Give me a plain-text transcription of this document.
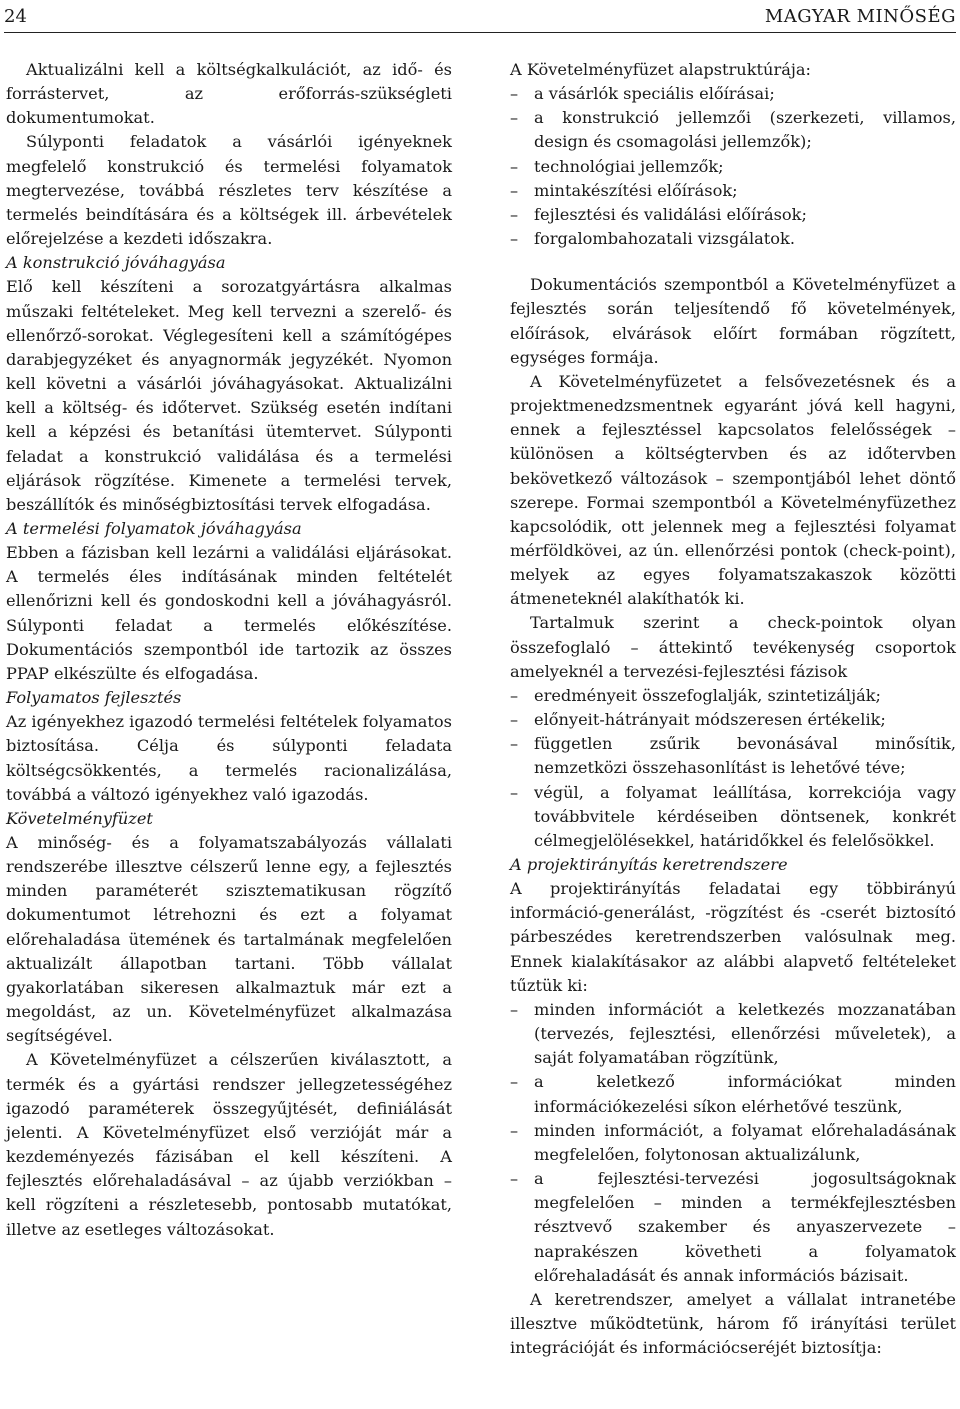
24	MAGYAR MINŐSÉG

Aktualizálni kell a költségkalkulációt, az idő- és forrástervet, az erőforrás-szükségleti dokumentumokat.

Súlyponti feladatok a vásárlói igényeknek megfelelő konstrukció és termelési folyamatok megtervezése, továbbá részletes terv készítése a termelés beindítására és a költségek ill. árbevételek előrejelzése a kezdeti időszakra.

A konstrukció jóváhagyása

Elő kell készíteni a sorozatgyártásra alkalmas műszaki feltételeket. Meg kell tervezni a szerelő- és ellenőrző-sorokat. Véglegesíteni kell a számítógépes darabjegyzéket és anyagnormák jegyzékét. Nyomon kell követni a vásárlói jóváhagyásokat. Aktualizálni kell a költség- és időtervet. Szükség esetén indítani kell a képzési és betanítási ütemtervet. Súlyponti feladat a konstrukció validálása és a termelési eljárások rögzítése. Kimenete a termelési tervek, beszállítók és minőségbiztosítási tervek elfogadása.

A termelési folyamatok jóváhagyása

Ebben a fázisban kell lezárni a validálási eljárásokat. A termelés éles indításának minden feltételét ellenőrizni kell és gondoskodni kell a jóváhagyásról. Súlyponti feladat a termelés előkészítése. Dokumentációs szempontból ide tartozik az összes PPAP elkészülte és elfogadása.

Folyamatos fejlesztés

Az igényekhez igazodó termelési feltételek folyamatos biztosítása. Célja és súlyponti feladata költségcsökkentés, a termelés racionalizálása, továbbá a változó igényekhez való igazodás.

Követelményfüzet

A minőség- és a folyamatszabályozás vállalati rendszerébe illesztve célszerű lenne egy, a fejlesztés minden paraméterét szisztematikusan rögzítő dokumentumot létrehozni és ezt a folyamat előrehaladása ütemének és tartalmának megfelelően aktualizált állapotban tartani. Több vállalat gyakorlatában sikeresen alkalmaztuk már ezt a megoldást, az un. Követelményfüzet alkalmazása segítségével.

A Követelményfüzet a célszerűen kiválasztott, a termék és a gyártási rendszer jellegzetességéhez igazodó paraméterek összegyűjtését, definiálását jelenti. A Követelményfüzet első verzióját már a kezdeményezés fázisában el kell készíteni. A fejlesztés előrehaladásával – az újabb verziókban – kell rögzíteni a részletesebb, pontosabb mutatókat, illetve az esetleges változásokat.

A Követelményfüzet alapstruktúrája:

– a vásárlók speciális előírásai;
– a konstrukció jellemzői (szerkezeti, villamos, design és csomagolási jellemzők);
– technológiai jellemzők;
– mintakészítési előírások;
– fejlesztési és validálási előírások;
– forgalombahozatali vizsgálatok.

Dokumentációs szempontból a Követelményfüzet a fejlesztés során teljesítendő fő követelmények, előírások, elvárások előírt formában rögzített, egységes formája.

A Követelményfüzetet a felsővezetésnek és a projektmenedzsmentnek egyaránt jóvá kell hagyni, ennek a fejlesztéssel kapcsolatos felelősségek – különösen a költségtervben és az időtervben bekövetkező változások – szempontjából lehet döntő szerepe. Formai szempontból a Követelményfüzethez kapcsolódik, ott jelennek meg a fejlesztési folyamat mérföldkövei, az ún. ellenőrzési pontok (check-point), melyek az egyes folyamatszakaszok közötti átmeneteknél alakíthatók ki.

Tartalmuk szerint a check-pointok olyan összefoglaló – áttekintő tevékenység csoportok amelyeknél a tervezési-fejlesztési fázisok

– eredményeit összefoglalják, szintetizálják;
– előnyeit-hátrányait módszeresen értékelik;
– független zsűrik bevonásával minősítik, nemzetközi összehasonlítást is lehetővé téve;
– végül, a folyamat leállítása, korrekciója vagy továbbvitele kérdéseiben döntsenek, konkrét célmegjelölésekkel, határidőkkel és felelősökkel.

A projektirányítás keretrendszere

A projektirányítás feladatai egy többirányú információ-generálást, -rögzítést és -cserét biztosító párbeszédes keretrendszerben valósulnak meg. Ennek kialakításakor az alábbi alapvető feltételeket tűztük ki:

– minden információt a keletkezés mozzanatában (tervezés, fejlesztési, ellenőrzési műveletek), a saját folyamatában rögzítünk,
– a keletkező információkat minden információkezelési síkon elérhetővé teszünk,
– minden információt, a folyamat előrehaladásának megfelelően, folytonosan aktualizálunk,
– a fejlesztési-tervezési jogosultságoknak megfelelően – minden a termékfejlesztésben résztvevő szakember és anyaszervezete – naprakészen követheti a folyamatok előrehaladását és annak információs bázisait.

A keretrendszer, amelyet a vállalat intranetébe illesztve működtetünk, három fő irányítási terület integrációját és információcseréjét biztosítja:
